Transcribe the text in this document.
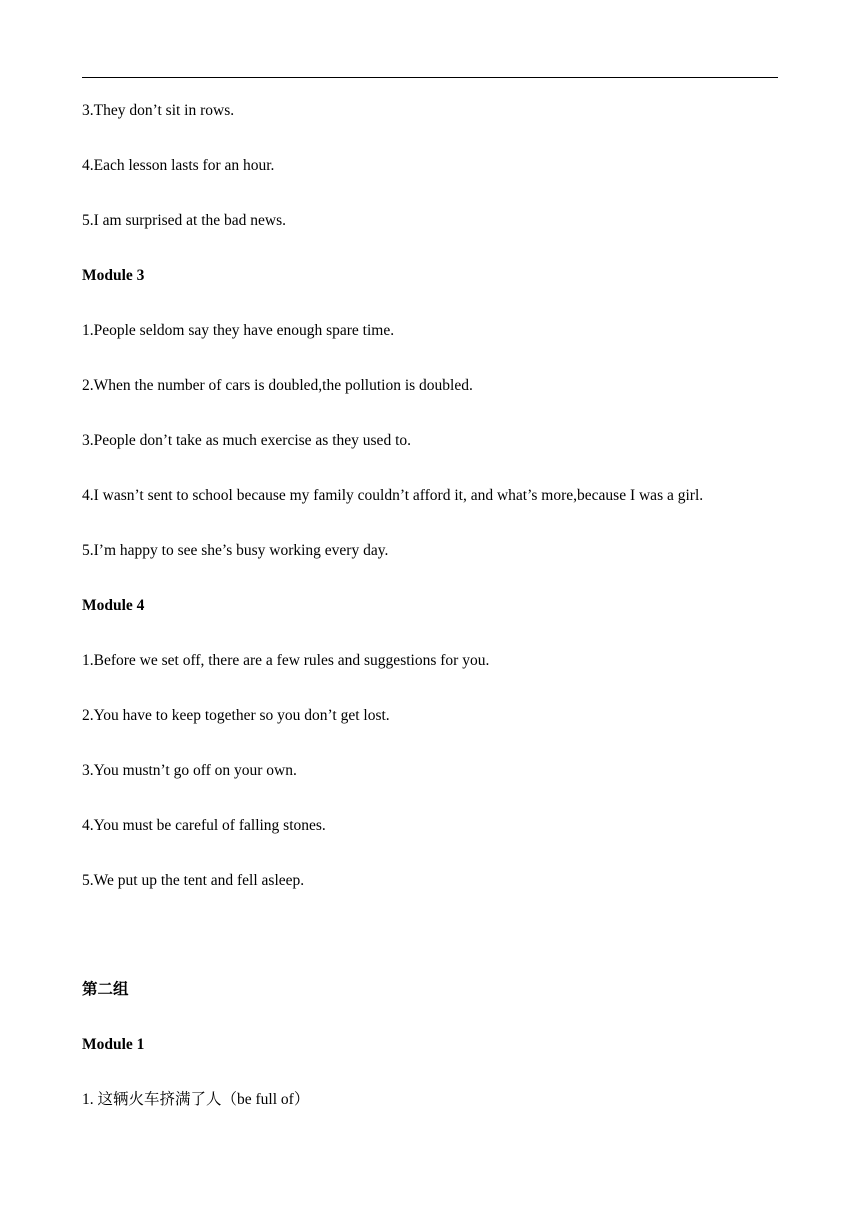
3.They don’t sit in rows.
4.Each lesson lasts for an hour.
5.I am surprised at the bad news.
Module 3
1.People seldom say they have enough spare time.
2.When the number of cars is doubled,the pollution is doubled.
3.People don’t take as much exercise as they used to.
4.I wasn’t sent to school because my family couldn’t afford it, and what’s more,because I was a girl.
5.I’m happy to see she’s busy working every day.
Module 4
1.Before we set off, there are a few rules and suggestions for you.
2.You have to keep together so you don’t get lost.
3.You mustn’t go off on your own.
4.You must be careful of falling stones.
5.We put up the tent and fell asleep.
第二组
Module 1
1. 这辆火车挤满了人（be full of）
